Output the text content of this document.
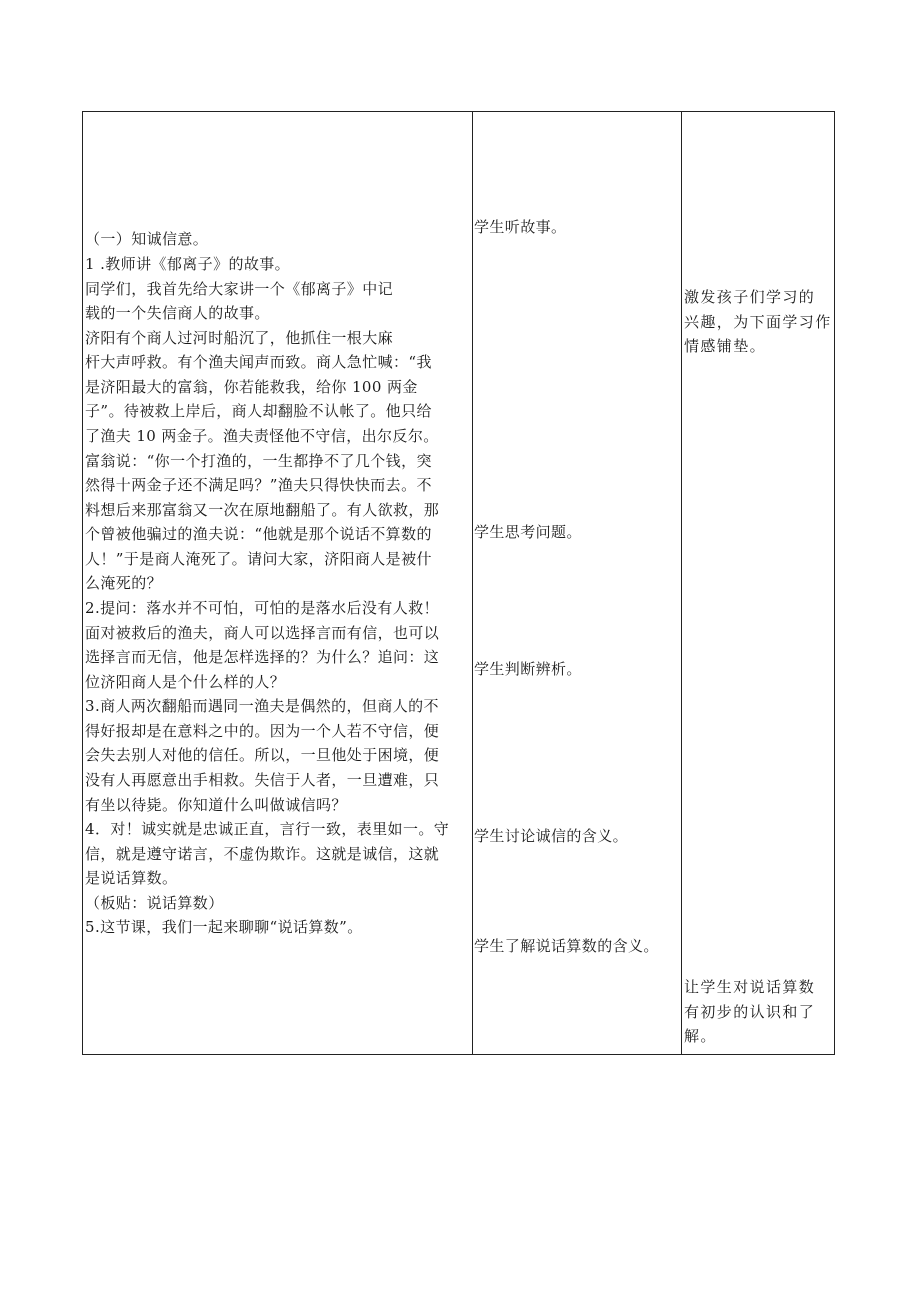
（一）知诚信意。
1 .教师讲《郁离子》的故事。
同学们，我首先给大家讲一个《郁离子》中记
载的一个失信商人的故事。
济阳有个商人过河时船沉了，他抓住一根大麻
杆大声呼救。有个渔夫闻声而致。商人急忙喊：“我
是济阳最大的富翁，你若能救我，给你 100 两金
子”。待被救上岸后，商人却翻脸不认帐了。他只给
了渔夫 10 两金子。渔夫责怪他不守信，出尔反尔。
富翁说：“你一个打渔的，一生都挣不了几个钱，突
然得十两金子还不满足吗？”渔夫只得快快而去。不
料想后来那富翁又一次在原地翻船了。有人欲救，那
个曾被他骗过的渔夫说：“他就是那个说话不算数的
人！”于是商人淹死了。请问大家，济阳商人是被什
么淹死的？
2.提问：落水并不可怕，可怕的是落水后没有人救！
面对被救后的渔夫，商人可以选择言而有信，也可以
选择言而无信，他是怎样选择的？为什么？追问：这
位济阳商人是个什么样的人？
3.商人两次翻船而遇同一渔夫是偶然的，但商人的不
得好报却是在意料之中的。因为一个人若不守信，便
会失去别人对他的信任。所以，一旦他处于困境，便
没有人再愿意出手相救。失信于人者，一旦遭难，只
有坐以待毙。你知道什么叫做诚信吗？
4．对！诚实就是忠诚正直，言行一致，表里如一。守
信，就是遵守诺言，不虚伪欺诈。这就是诚信，这就
是说话算数。
（板贴：说话算数）
5.这节课，我们一起来聊聊“说话算数”。
学生听故事。
学生思考问题。
学生判断辨析。
学生讨论诚信的含义。
学生了解说话算数的含义。
激发孩子们学习的
兴趣，为下面学习作
情感铺垫。
让学生对说话算数
有初步的认识和了
解。
